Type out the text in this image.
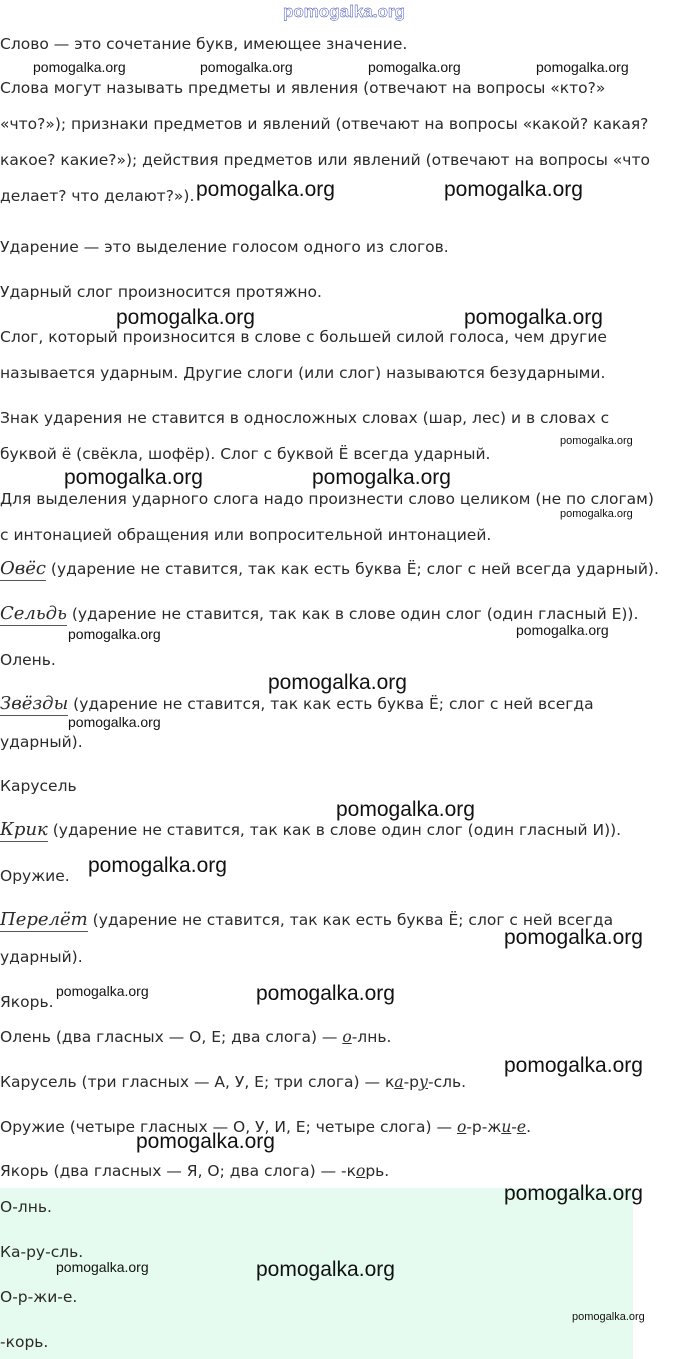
pomogalka.org
Слово — это сочетание букв, имеющее значение.
Слова могут называть предметы и явления (отвечают на вопросы «кто?»
«что?»); признаки предметов и явлений (отвечают на вопросы «какой? какая?
какое? какие?»); действия предметов или явлений (отвечают на вопросы «что
делает? что делают?»).
Ударение — это выделение голосом одного из слогов.
Ударный слог произносится протяжно.
Слог, который произносится в слове с большей силой голоса, чем другие
называется ударным. Другие слоги (или слог) называются безударными.
Знак ударения не ставится в односложных словах (шар, лес) и в словах с
буквой ё (свёкла, шофёр). Слог с буквой Ё всегда ударный.
Для выделения ударного слога надо произнести слово целиком (не по слогам)
с интонацией обращения или вопросительной интонацией.
Овёс (ударение не ставится, так как есть буква Ё; слог с ней всегда ударный).
Сельдь (ударение не ставится, так как в слове один слог (один гласный Е)).
Олень.
Звёзды (ударение не ставится, так как есть буква Ё; слог с ней всегда
ударный).
Карусель
Крик (ударение не ставится, так как в слове один слог (один гласный И)).
Оружие.
Перелёт (ударение не ставится, так как есть буква Ё; слог с ней всегда
ударный).
Якорь.
Олень (два гласных — О, Е; два слога) — о-лнь.
Карусель (три гласных — А, У, Е; три слога) — ка-ру-сль.
Оружие (четыре гласных — О, У, И, Е; четыре слога) — о-р-жи-е.
Якорь (два гласных — Я, О; два слога) — -корь.
О-лнь.
Ка-ру-сль.
О-р-жи-е.
-корь.
pomogalka.org	pomogalka.org	pomogalka.org	pomogalka.org
pomogalka.org	pomogalka.org
pomogalka.org	pomogalka.org
pomogalka.org
pomogalka.org	pomogalka.org
pomogalka.org
pomogalka.org	pomogalka.org
pomogalka.org
pomogalka.org
pomogalka.org
pomogalka.org
pomogalka.org
pomogalka.org	pomogalka.org
pomogalka.org
pomogalka.org
pomogalka.org
pomogalka.org	pomogalka.org
pomogalka.org
